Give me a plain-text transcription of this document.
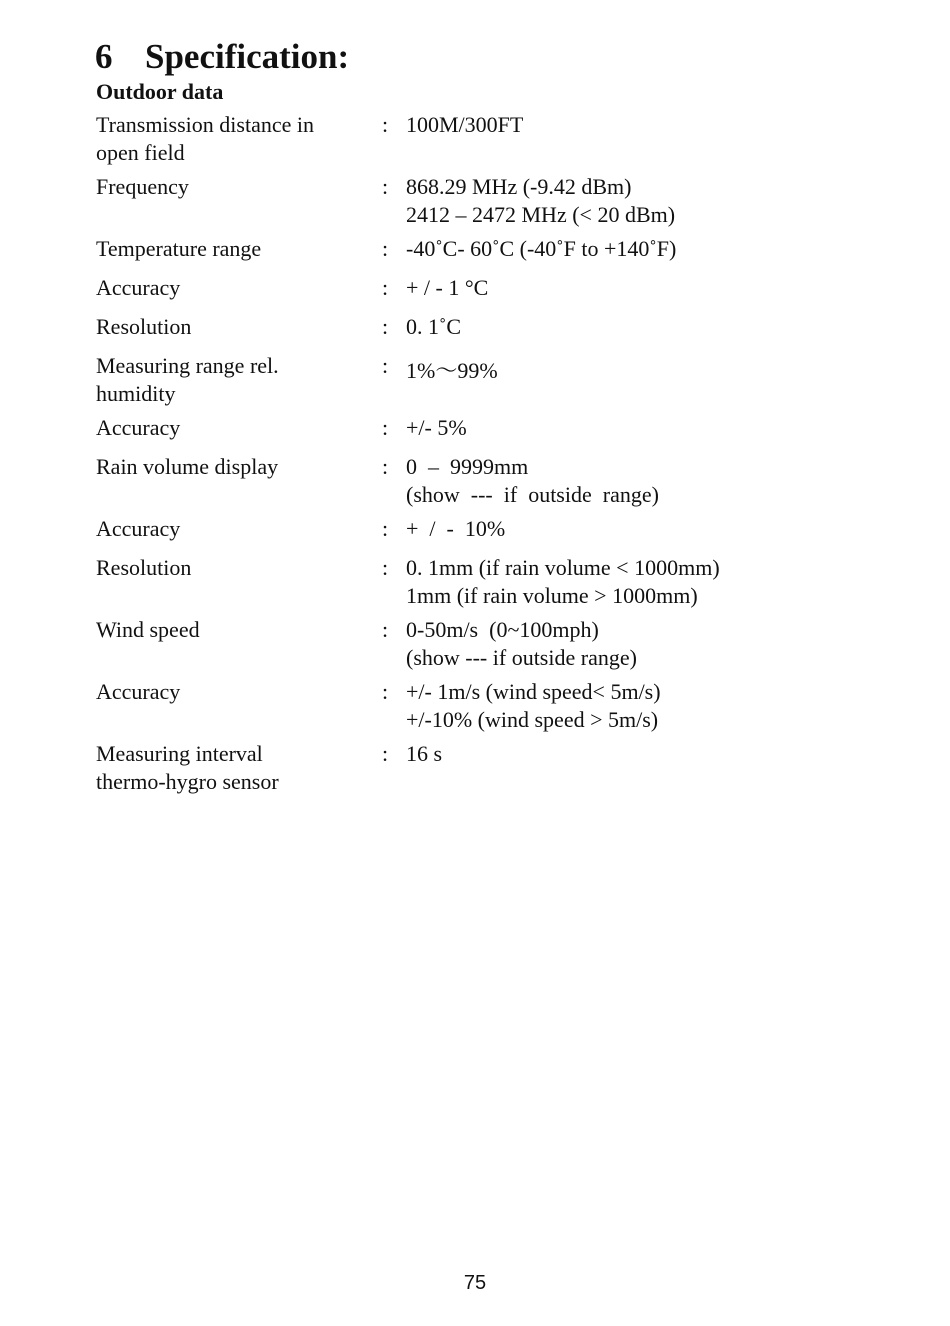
6 Specification:
Outdoor data
Transmission distance in
open field
: 100M/300FT
Frequency	: 868.29 MHz (-9.42 dBm)
2412 – 2472 MHz (< 20 dBm)
Temperature range	: -40˚C- 60˚C (-40˚F to +140˚F)
Accuracy	: + / - 1 °C
Resolution	: 0. 1˚C
Measuring range rel.
humidity
: 1%～99%
Accuracy	: +/- 5%
Rain volume display	: 0  –  9999mm
(show  ---  if  outside  range)
Accuracy	: +  /  -  10%
Resolution	: 0. 1mm (if rain volume < 1000mm)
1mm (if rain volume > 1000mm)
Wind speed	: 0-50m/s  (0~100mph)
(show --- if outside range)
Accuracy	: +/- 1m/s (wind speed< 5m/s)
+/-10% (wind speed > 5m/s)
Measuring interval
thermo-hygro sensor
: 16 s
75
